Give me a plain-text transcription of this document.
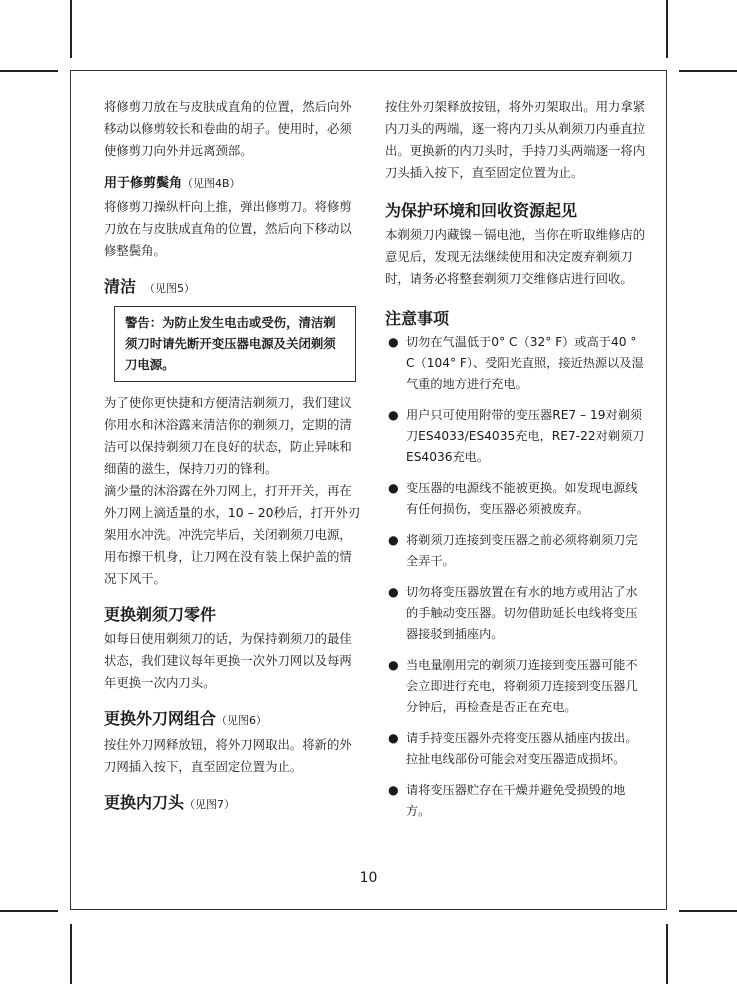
将修剪刀放在与皮肤成直角的位置，然后向外移动以修剪较长和卷曲的胡子。使用时，必须使修剪刀向外并远离颈部。

用于修剪鬓角（见图4B）

将修剪刀操纵杆向上推，弹出修剪刀。将修剪刀放在与皮肤成直角的位置，然后向下移动以修整鬓角。

清洁 （见图5）

警告：为防止发生电击或受伤，清洁剃须刀时请先断开变压器电源及关闭剃须刀电源。

为了使你更快捷和方便清洁剃须刀，我们建议你用水和沐浴露来清洁你的剃须刀，定期的清洁可以保持剃须刀在良好的状态，防止异味和细菌的滋生，保持刀刃的锋利。

滴少量的沐浴露在外刀网上，打开开关，再在外刀网上滴适量的水，10 – 20秒后，打开外刃架用水冲洗。冲洗完毕后，关闭剃须刀电源，用布擦干机身，让刀网在没有装上保护盖的情况下风干。

更换剃须刀零件

如每日使用剃须刀的话，为保持剃须刀的最佳状态，我们建议每年更换一次外刀网以及每两年更换一次内刀头。

更换外刀网组合（见图6）

按住外刀网释放钮，将外刀网取出。将新的外刀网插入按下，直至固定位置为止。

更换内刀头（见图7）

按住外刃架释放按钮，将外刃架取出。用力拿紧内刀头的两端，逐一将内刀头从剃须刀内垂直拉出。更换新的内刀头时，手持刀头两端逐一将内刀头插入按下，直至固定位置为止。

为保护环境和回收资源起见

本剃须刀内藏镍－镉电池，当你在听取维修店的意见后，发现无法继续使用和决定废弃剃须刀时，请务必将整套剃须刀交维修店进行回收。

注意事项

● 切勿在气温低于0° C（32° F）或高于40 ° C（104° F）、受阳光直照，接近热源以及湿气重的地方进行充电。
● 用户只可使用附带的变压器RE7 – 19对剃须刀ES4033/ES4035充电，RE7-22对剃须刀ES4036充电。
● 变压器的电源线不能被更换。如发现电源线有任何损伤，变压器必须被废弃。
● 将剃须刀连接到变压器之前必须将剃须刀完全弄干。
● 切勿将变压器放置在有水的地方或用沾了水的手触动变压器。切勿借助延长电线将变压器接驳到插座内。
● 当电量刚用完的剃须刀连接到变压器可能不会立即进行充电，将剃须刀连接到变压器几分钟后，再检查是否正在充电。
● 请手持变压器外壳将变压器从插座内拔出。拉扯电线部份可能会对变压器造成损坏。
● 请将变压器贮存在干燥并避免受损毁的地方。
10
